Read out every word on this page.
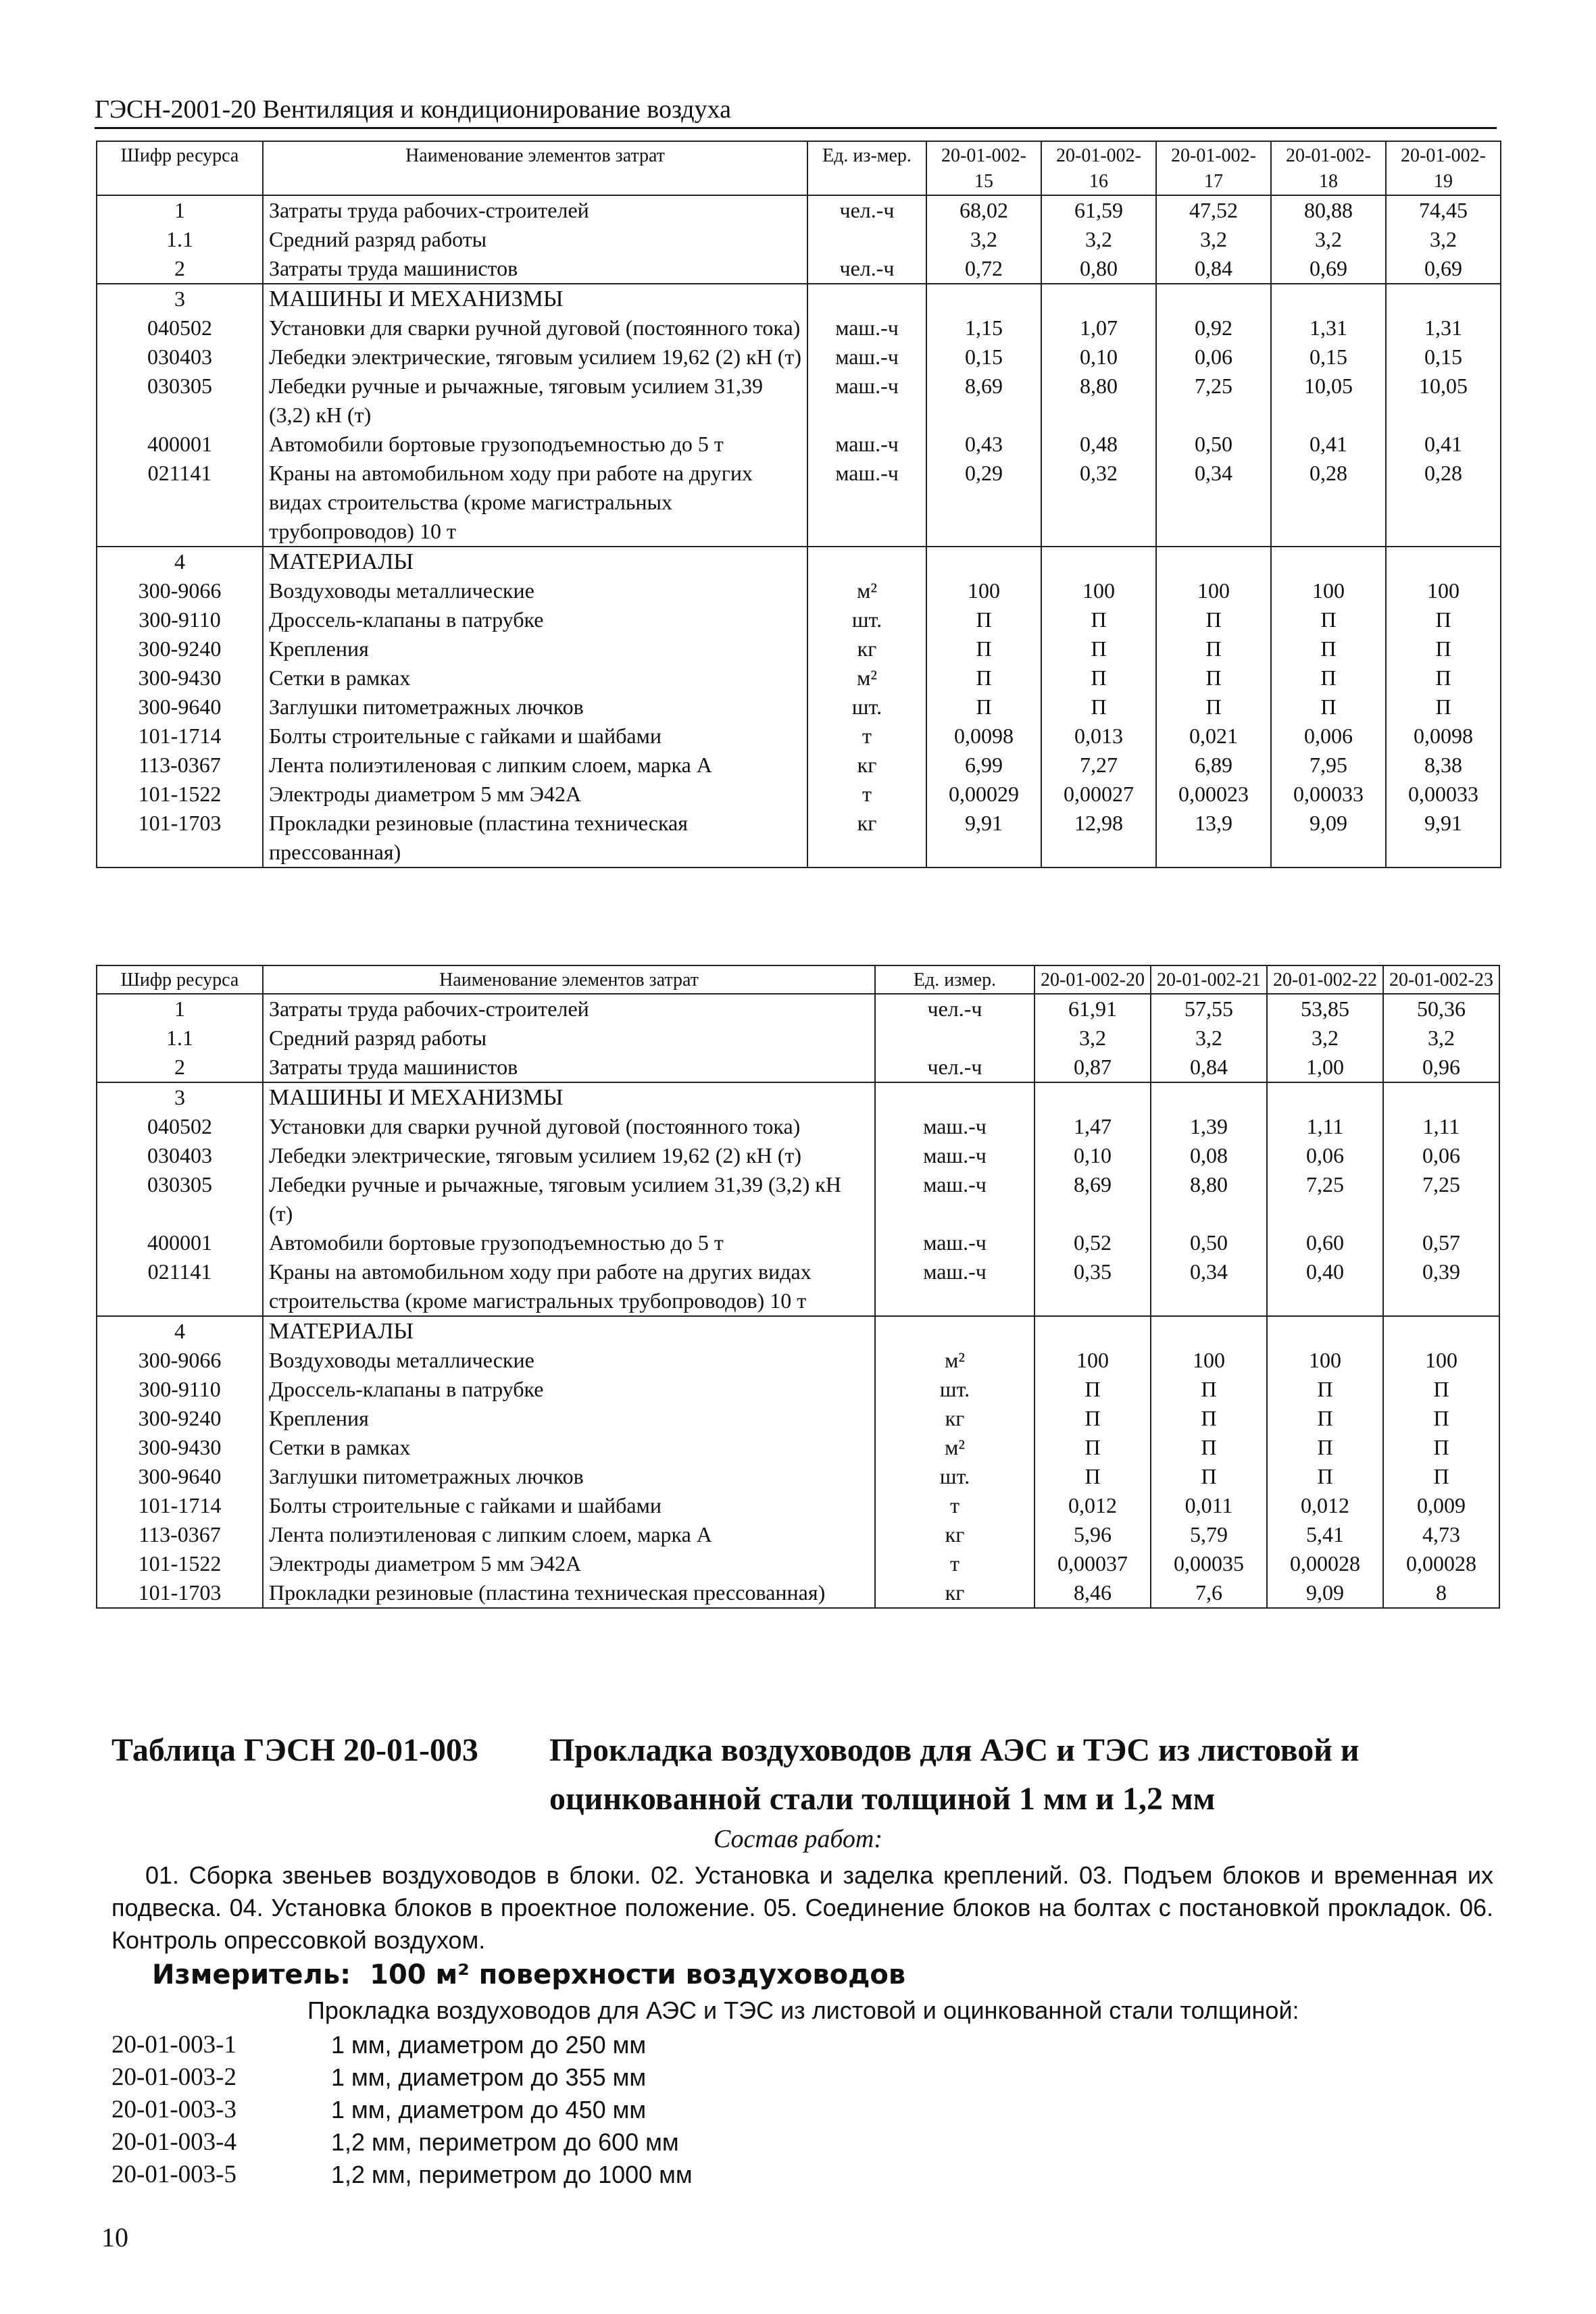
ГЭСН-2001-20 Вентиляция и кондиционирование воздуха
Шифр ресурса	Наименование элементов затрат	Ед. из-мер.	20-01-002-15	20-01-002-16	20-01-002-17	20-01-002-18	20-01-002-19
1	Затраты труда рабочих-строителей	чел.-ч	68,02	61,59	47,52	80,88	74,45
1.1	Средний разряд работы		3,2	3,2	3,2	3,2	3,2
2	Затраты труда машинистов	чел.-ч	0,72	0,80	0,84	0,69	0,69
3	МАШИНЫ И МЕХАНИЗМЫ						
040502	Установки для сварки ручной дуговой (постоянного тока)	маш.-ч	1,15	1,07	0,92	1,31	1,31
030403	Лебедки электрические, тяговым усилием 19,62 (2) кН (т)	маш.-ч	0,15	0,10	0,06	0,15	0,15
030305	Лебедки ручные и рычажные, тяговым усилием 31,39 (3,2) кН (т)	маш.-ч	8,69	8,80	7,25	10,05	10,05
400001	Автомобили бортовые грузоподъемностью до 5 т	маш.-ч	0,43	0,48	0,50	0,41	0,41
021141	Краны на автомобильном ходу при работе на других видах строительства (кроме магистральных трубопроводов) 10 т	маш.-ч	0,29	0,32	0,34	0,28	0,28
4	МАТЕРИАЛЫ						
300-9066	Воздуховоды металлические	м²	100	100	100	100	100
300-9110	Дроссель-клапаны в патрубке	шт.	П	П	П	П	П
300-9240	Крепления	кг	П	П	П	П	П
300-9430	Сетки в рамках	м²	П	П	П	П	П
300-9640	Заглушки питометражных лючков	шт.	П	П	П	П	П
101-1714	Болты строительные с гайками и шайбами	т	0,0098	0,013	0,021	0,006	0,0098
113-0367	Лента полиэтиленовая с липким слоем, марка А	кг	6,99	7,27	6,89	7,95	8,38
101-1522	Электроды диаметром 5 мм Э42А	т	0,00029	0,00027	0,00023	0,00033	0,00033
101-1703	Прокладки резиновые (пластина техническая прессованная)	кг	9,91	12,98	13,9	9,09	9,91
Шифр ресурса	Наименование элементов затрат	Ед. измер.	20-01-002-20	20-01-002-21	20-01-002-22	20-01-002-23
1	Затраты труда рабочих-строителей	чел.-ч	61,91	57,55	53,85	50,36
1.1	Средний разряд работы		3,2	3,2	3,2	3,2
2	Затраты труда машинистов	чел.-ч	0,87	0,84	1,00	0,96
3	МАШИНЫ И МЕХАНИЗМЫ					
040502	Установки для сварки ручной дуговой (постоянного тока)	маш.-ч	1,47	1,39	1,11	1,11
030403	Лебедки электрические, тяговым усилием 19,62 (2) кН (т)	маш.-ч	0,10	0,08	0,06	0,06
030305	Лебедки ручные и рычажные, тяговым усилием 31,39 (3,2) кН (т)	маш.-ч	8,69	8,80	7,25	7,25
400001	Автомобили бортовые грузоподъемностью до 5 т	маш.-ч	0,52	0,50	0,60	0,57
021141	Краны на автомобильном ходу при работе на других видах строительства (кроме магистральных трубопроводов) 10 т	маш.-ч	0,35	0,34	0,40	0,39
4	МАТЕРИАЛЫ					
300-9066	Воздуховоды металлические	м²	100	100	100	100
300-9110	Дроссель-клапаны в патрубке	шт.	П	П	П	П
300-9240	Крепления	кг	П	П	П	П
300-9430	Сетки в рамках	м²	П	П	П	П
300-9640	Заглушки питометражных лючков	шт.	П	П	П	П
101-1714	Болты строительные с гайками и шайбами	т	0,012	0,011	0,012	0,009
113-0367	Лента полиэтиленовая с липким слоем, марка А	кг	5,96	5,79	5,41	4,73
101-1522	Электроды диаметром 5 мм Э42А	т	0,00037	0,00035	0,00028	0,00028
101-1703	Прокладки резиновые (пластина техническая прессованная)	кг	8,46	7,6	9,09	8
Таблица ГЭСН 20-01-003 Прокладка воздуховодов для АЭС и ТЭС из листовой и оцинкованной стали толщиной 1 мм и 1,2 мм
Состав работ:
01. Сборка звеньев воздуховодов в блоки. 02. Установка и заделка креплений. 03. Подъем блоков и временная их подвеска. 04. Установка блоков в проектное положение. 05. Соединение блоков на болтах с постановкой прокладок. 06. Контроль опрессовкой воздухом.
Измеритель: 100 м² поверхности воздуховодов
Прокладка воздуховодов для АЭС и ТЭС из листовой и оцинкованной стали толщиной:
20-01-003-1	1 мм, диаметром до 250 мм
20-01-003-2	1 мм, диаметром до 355 мм
20-01-003-3	1 мм, диаметром до 450 мм
20-01-003-4	1,2 мм, периметром до 600 мм
20-01-003-5	1,2 мм, периметром до 1000 мм
10
